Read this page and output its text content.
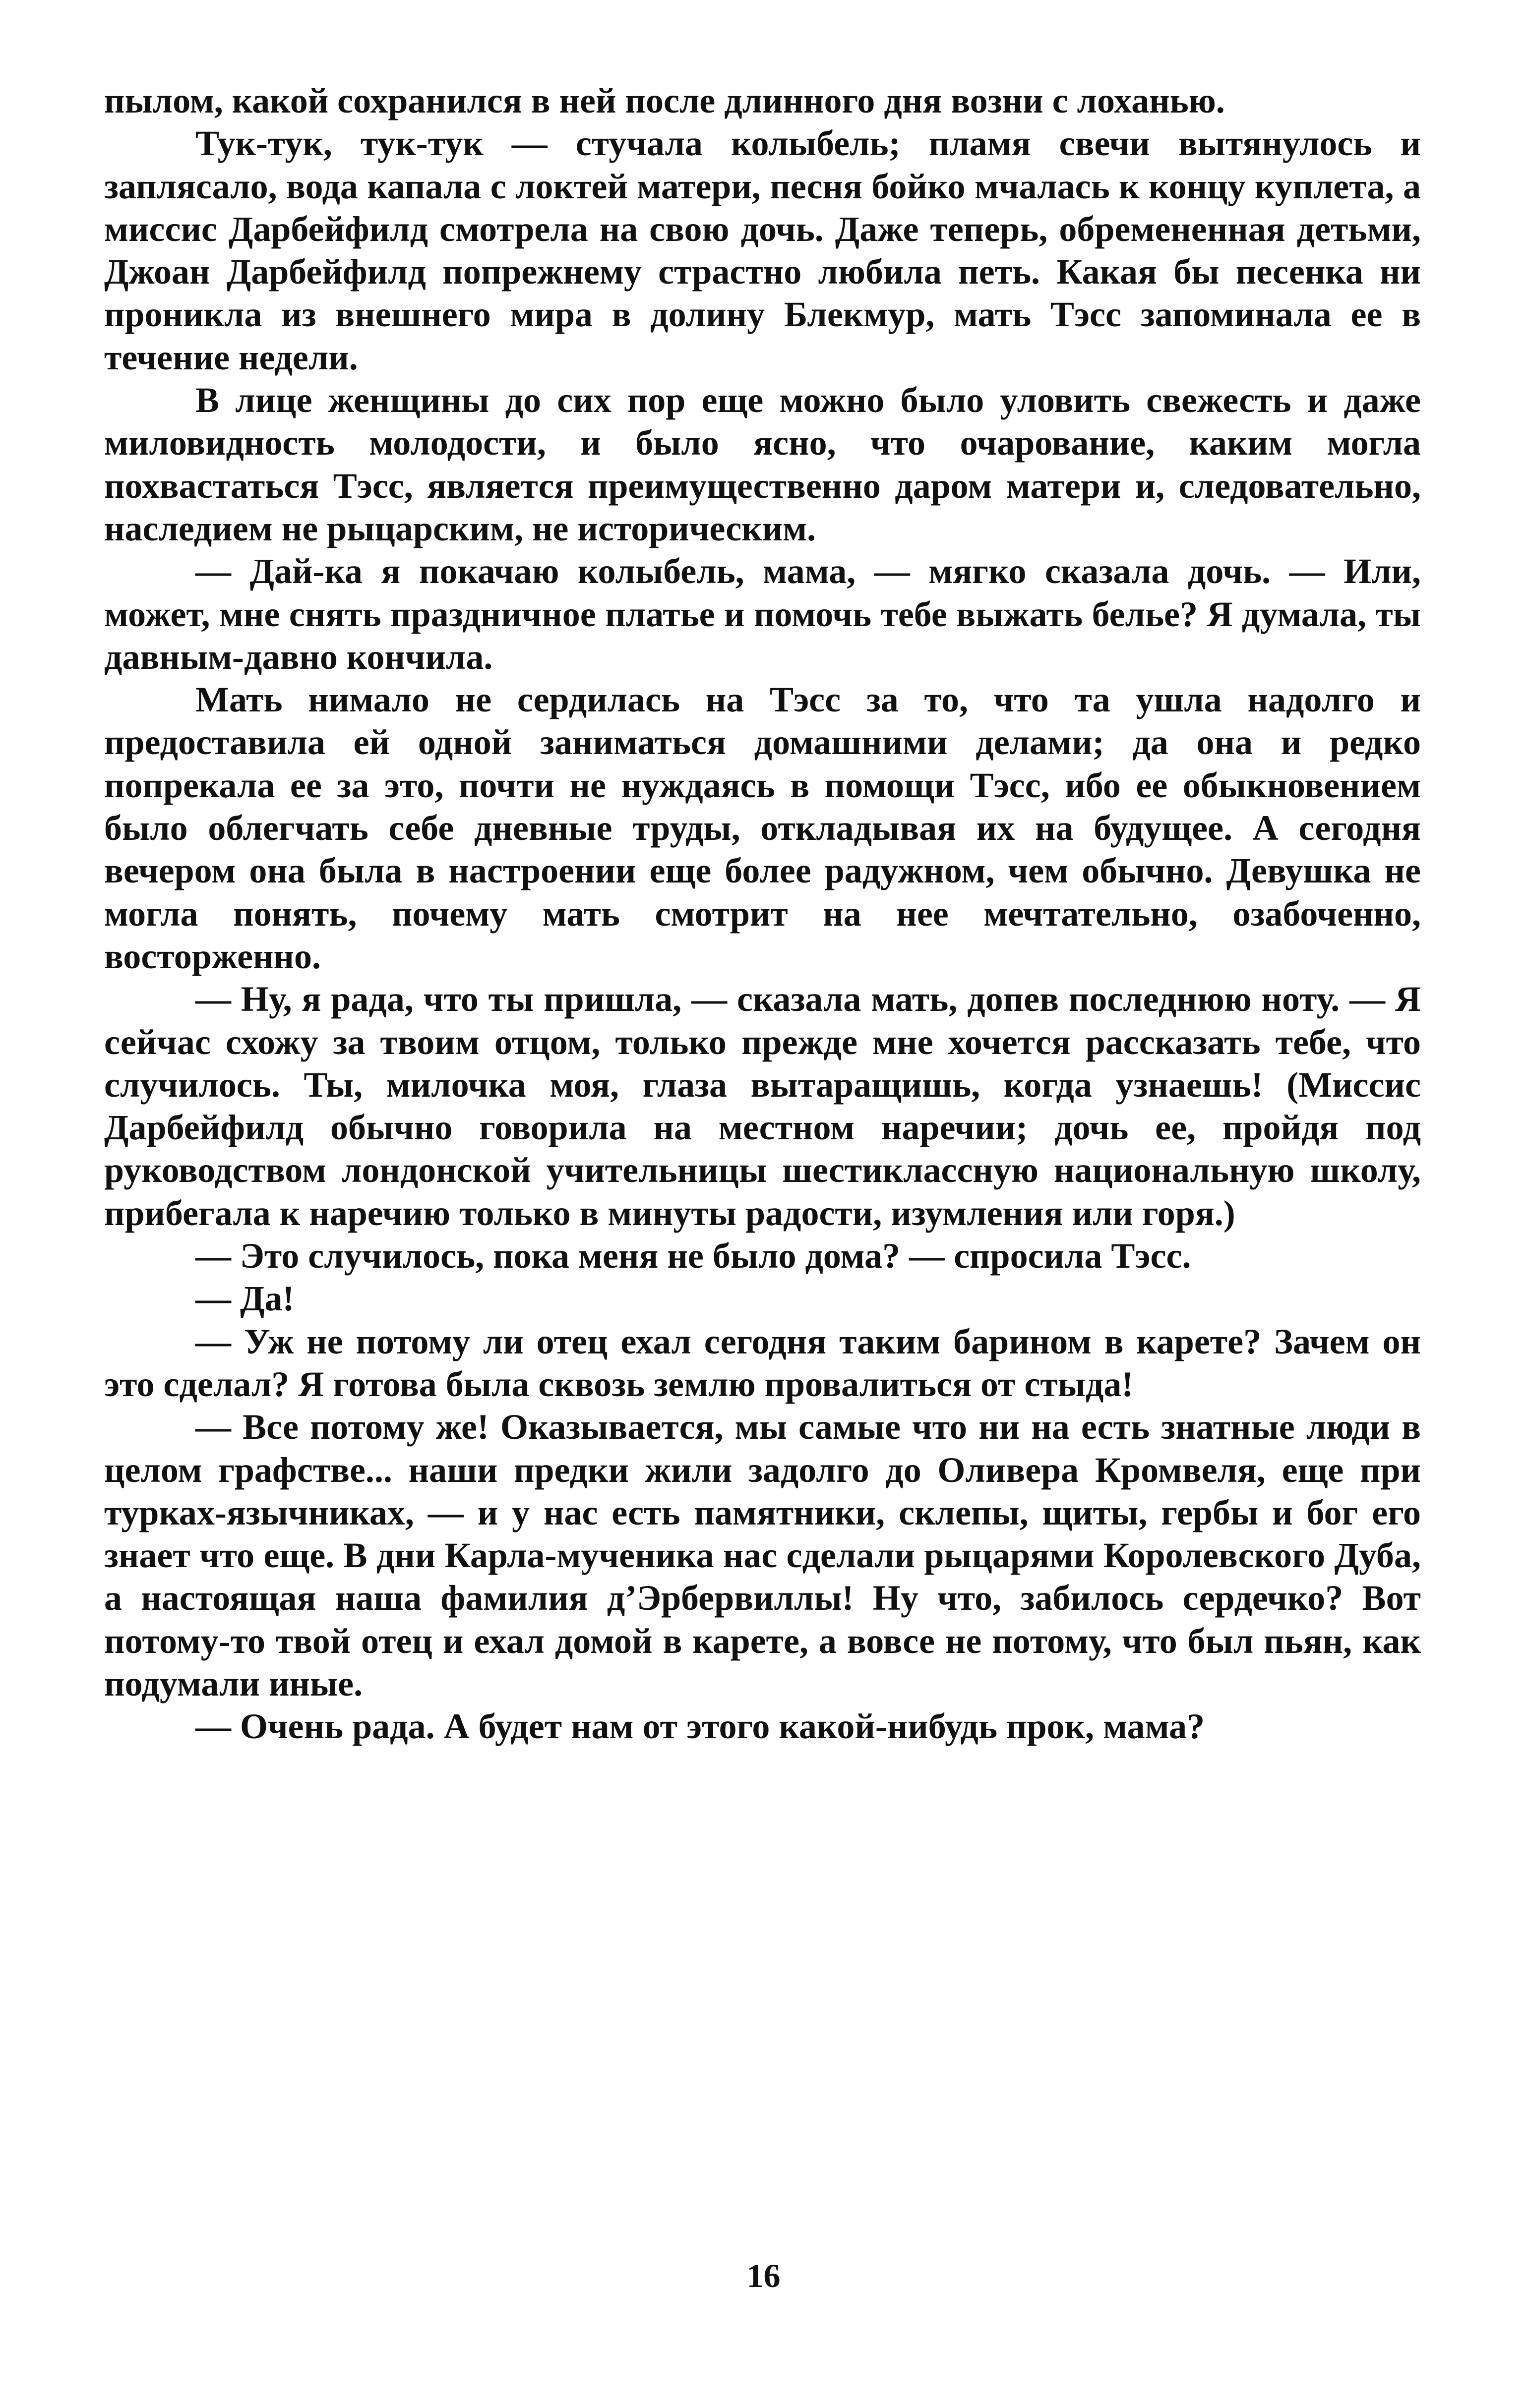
пылом, какой сохранился в ней после длинного дня возни с лоханью.

Тук-тук, тук-тук — стучала колыбель; пламя свечи вытянулось и заплясало, вода капала с локтей матери, песня бойко мчалась к концу куплета, а миссис Дарбейфилд смотрела на свою дочь. Даже теперь, обремененная детьми, Джоан Дарбейфилд попрежнему страстно любила петь. Какая бы песенка ни проникла из внешнего мира в долину Блекмур, мать Тэсс запоминала ее в течение недели.

В лице женщины до сих пор еще можно было уловить свежесть и даже миловидность молодости, и было ясно, что очарование, каким могла похвастаться Тэсс, является преимущественно даром матери и, следовательно, наследием не рыцарским, не историческим.

— Дай-ка я покачаю колыбель, мама, — мягко сказала дочь. — Или, может, мне снять праздничное платье и помочь тебе выжать белье? Я думала, ты давным-давно кончила.

Мать нимало не сердилась на Тэсс за то, что та ушла надолго и предоставила ей одной заниматься домашними делами; да она и редко попрекала ее за это, почти не нуждаясь в помощи Тэсс, ибо ее обыкновением было облегчать себе дневные труды, откладывая их на будущее. А сегодня вечером она была в настроении еще более радужном, чем обычно. Девушка не могла понять, почему мать смотрит на нее мечтательно, озабоченно, восторженно.

— Ну, я рада, что ты пришла, — сказала мать, допев последнюю ноту. — Я сейчас схожу за твоим отцом, только прежде мне хочется рассказать тебе, что случилось. Ты, милочка моя, глаза вытаращишь, когда узнаешь! (Миссис Дарбейфилд обычно говорила на местном наречии; дочь ее, пройдя под руководством лондонской учительницы шестиклассную национальную школу, прибегала к наречию только в минуты радости, изумления или горя.)

— Это случилось, пока меня не было дома? — спросила Тэсс.

— Да!

— Уж не потому ли отец ехал сегодня таким барином в карете? Зачем он это сделал? Я готова была сквозь землю провалиться от стыда!

— Все потому же! Оказывается, мы самые что ни на есть знатные люди в целом графстве... наши предки жили задолго до Оливера Кромвеля, еще при турках-язычниках, — и у нас есть памятники, склепы, щиты, гербы и бог его знает что еще. В дни Карла-мученика нас сделали рыцарями Королевского Дуба, а настоящая наша фамилия д’Эрбервиллы! Ну что, забилось сердечко? Вот потому-то твой отец и ехал домой в карете, а вовсе не потому, что был пьян, как подумали иные.

— Очень рада. А будет нам от этого какой-нибудь прок, мама?

16
